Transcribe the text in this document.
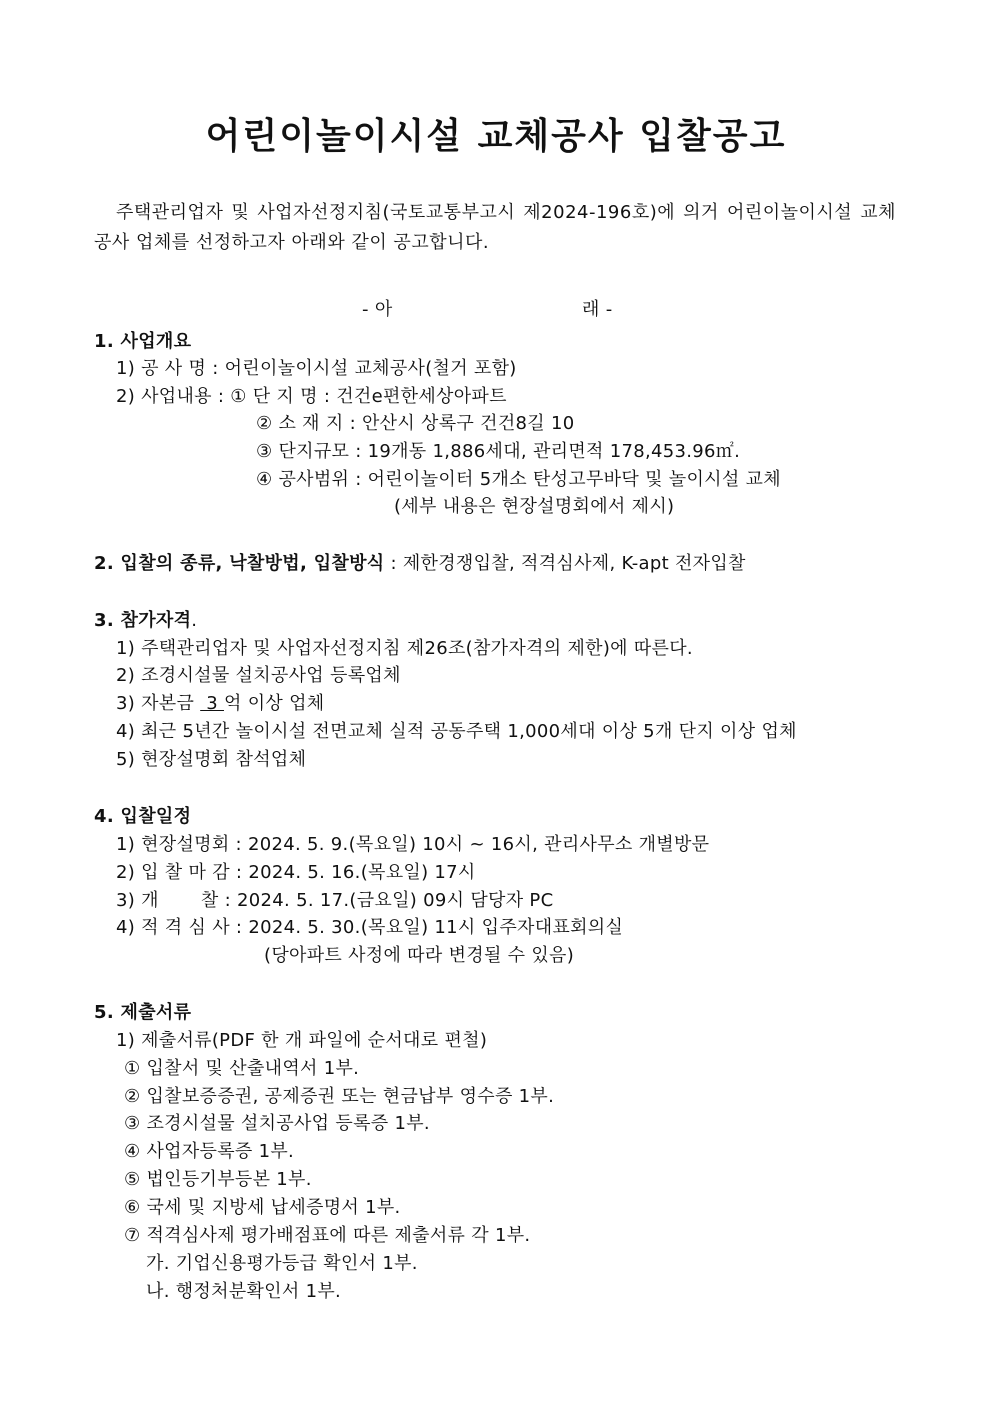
어린이놀이시설 교체공사 입찰공고
주택관리업자 및 사업자선정지침(국토교통부고시 제2024-196호)에 의거 어린이놀이시설 교체공사 업체를 선정하고자 아래와 같이 공고합니다.
- 아	래 -
1. 사업개요
1) 공 사 명 : 어린이놀이시설 교체공사(철거 포함)
2) 사업내용 : ① 단 지 명 : 건건e편한세상아파트
② 소 재 지 : 안산시 상록구 건건8길 10
③ 단지규모 : 19개동 1,886세대, 관리면적 178,453.96㎡.
④ 공사범위 : 어린이놀이터 5개소 탄성고무바닥 및 놀이시설 교체
(세부 내용은 현장설명회에서 제시)
2. 입찰의 종류, 낙찰방법, 입찰방식 : 제한경쟁입찰, 적격심사제, K-apt 전자입찰
3. 참가자격.
1) 주택관리업자 및 사업자선정지침 제26조(참가자격의 제한)에 따른다.
2) 조경시설물 설치공사업 등록업체
3) 자본금  3 억 이상 업체
4) 최근 5년간 놀이시설 전면교체 실적 공동주택 1,000세대 이상 5개 단지 이상 업체
5) 현장설명회 참석업체
4. 입찰일정
1) 현장설명회 : 2024. 5. 9.(목요일) 10시 ~ 16시, 관리사무소 개별방문
2) 입 찰 마 감 : 2024. 5. 16.(목요일) 17시
3) 개       찰 : 2024. 5. 17.(금요일) 09시 담당자 PC
4) 적 격 심 사 : 2024. 5. 30.(목요일) 11시 입주자대표회의실
(당아파트 사정에 따라 변경될 수 있음)
5. 제출서류
1) 제출서류(PDF 한 개 파일에 순서대로 편철)
① 입찰서 및 산출내역서 1부.
② 입찰보증증권, 공제증권 또는 현금납부 영수증 1부.
③ 조경시설물 설치공사업 등록증 1부.
④ 사업자등록증 1부.
⑤ 법인등기부등본 1부.
⑥ 국세 및 지방세 납세증명서 1부.
⑦ 적격심사제 평가배점표에 따른 제출서류 각 1부.
가. 기업신용평가등급 확인서 1부.
나. 행정처분확인서 1부.
